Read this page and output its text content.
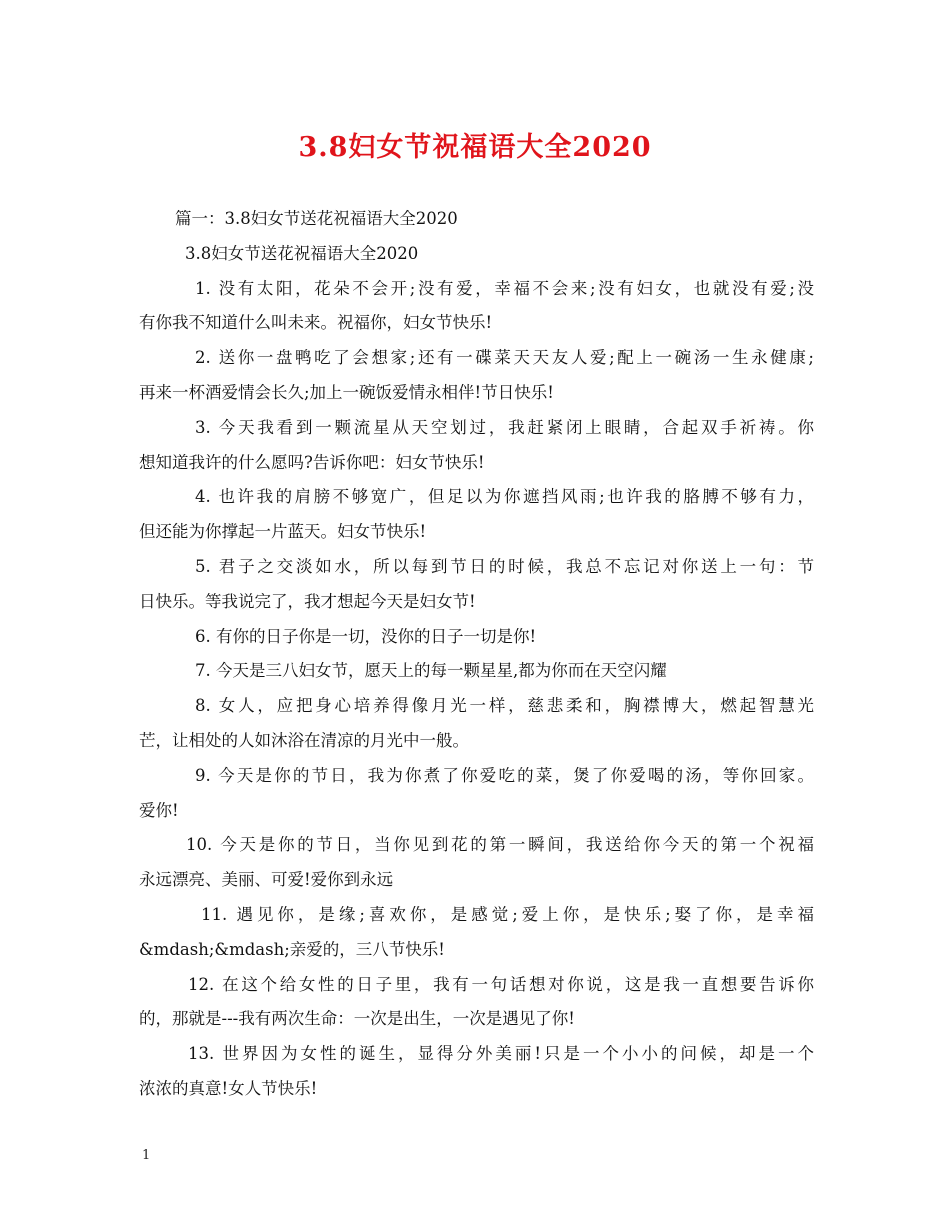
3.8妇女节祝福语大全2020
篇一：3.8妇女节送花祝福语大全2020
3.8妇女节送花祝福语大全2020
1. 没有太阳，花朵不会开;没有爱，幸福不会来;没有妇女，也就没有爱;没
有你我不知道什么叫未来。祝福你，妇女节快乐!
2. 送你一盘鸭吃了会想家;还有一碟菜天天友人爱;配上一碗汤一生永健康;
再来一杯酒爱情会长久;加上一碗饭爱情永相伴!节日快乐!
3. 今天我看到一颗流星从天空划过，我赶紧闭上眼睛，合起双手祈祷。你
想知道我许的什么愿吗?告诉你吧：妇女节快乐!
4. 也许我的肩膀不够宽广，但足以为你遮挡风雨;也许我的胳膊不够有力，
但还能为你撑起一片蓝天。妇女节快乐!
5. 君子之交淡如水，所以每到节日的时候，我总不忘记对你送上一句：节
日快乐。等我说完了，我才想起今天是妇女节!
6. 有你的日子你是一切，没你的日子一切是你!
7. 今天是三八妇女节，愿天上的每一颗星星,都为你而在天空闪耀
8. 女人，应把身心培养得像月光一样，慈悲柔和，胸襟博大，燃起智慧光
芒，让相处的人如沐浴在清凉的月光中一般。
9. 今天是你的节日，我为你煮了你爱吃的菜，煲了你爱喝的汤，等你回家。
爱你!
10. 今天是你的节日，当你见到花的第一瞬间，我送给你今天的第一个祝福
永远漂亮、美丽、可爱!爱你到永远
11. 遇见你，是缘;喜欢你，是感觉;爱上你，是快乐;娶了你，是幸福
&mdash;&mdash;亲爱的，三八节快乐!
12. 在这个给女性的日子里，我有一句话想对你说，这是我一直想要告诉你
的，那就是---我有两次生命：一次是出生，一次是遇见了你!
13. 世界因为女性的诞生，显得分外美丽!只是一个小小的问候，却是一个
浓浓的真意!女人节快乐!
1
